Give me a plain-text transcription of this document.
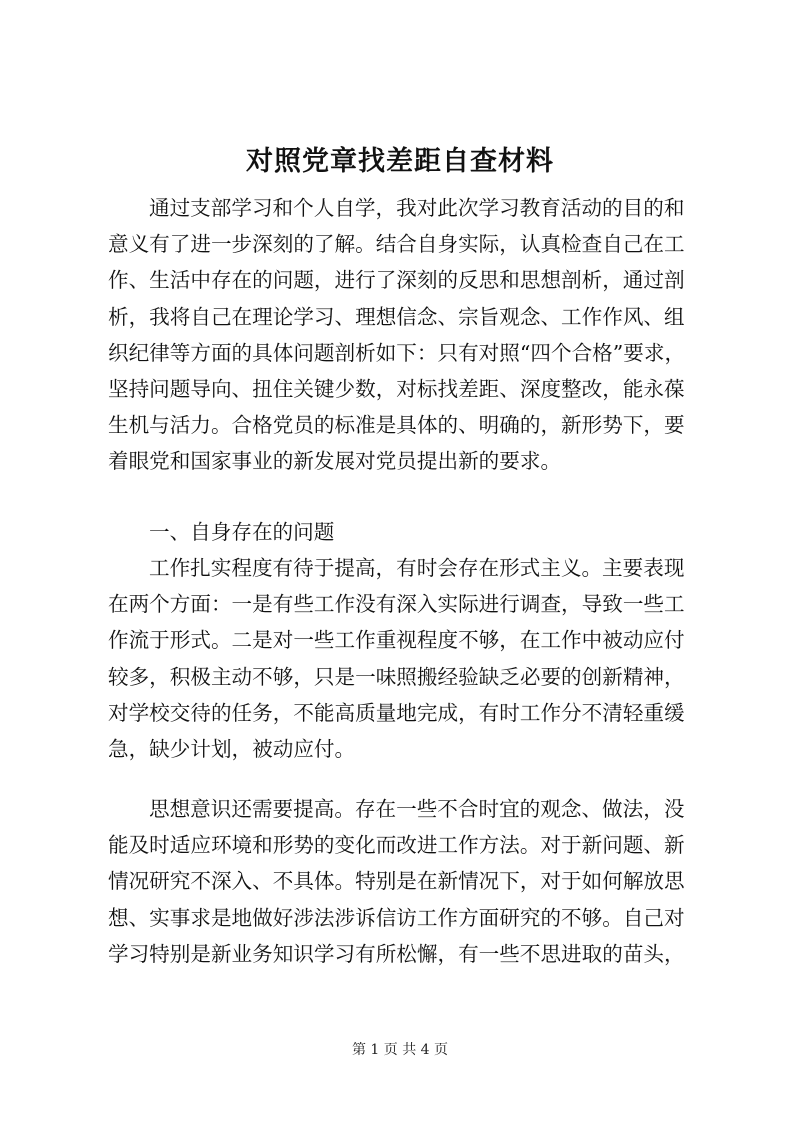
对照党章找差距自查材料
通过支部学习和个人自学，我对此次学习教育活动的目的和
意义有了进一步深刻的了解。结合自身实际，认真检查自己在工
作、生活中存在的问题，进行了深刻的反思和思想剖析，通过剖
析，我将自己在理论学习、理想信念、宗旨观念、工作作风、组
织纪律等方面的具体问题剖析如下：只有对照“四个合格”要求，
坚持问题导向、扭住关键少数，对标找差距、深度整改，能永葆
生机与活力。合格党员的标准是具体的、明确的，新形势下，要
着眼党和国家事业的新发展对党员提出新的要求。
一、自身存在的问题
工作扎实程度有待于提高，有时会存在形式主义。主要表现
在两个方面：一是有些工作没有深入实际进行调查，导致一些工
作流于形式。二是对一些工作重视程度不够，在工作中被动应付
较多，积极主动不够，只是一味照搬经验缺乏必要的创新精神，
对学校交待的任务，不能高质量地完成，有时工作分不清轻重缓
急，缺少计划，被动应付。
思想意识还需要提高。存在一些不合时宜的观念、做法，没
能及时适应环境和形势的变化而改进工作方法。对于新问题、新
情况研究不深入、不具体。特别是在新情况下，对于如何解放思
想、实事求是地做好涉法涉诉信访工作方面研究的不够。自己对
学习特别是新业务知识学习有所松懈，有一些不思进取的苗头，
第 1 页 共 4 页
